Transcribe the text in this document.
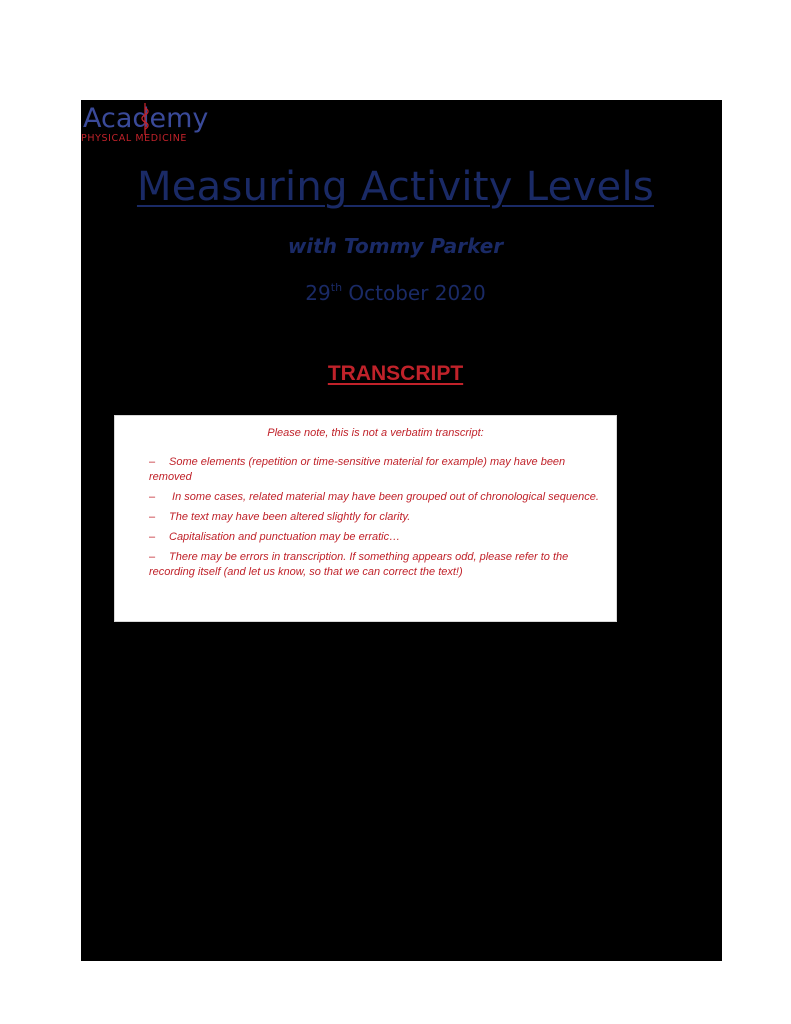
Academy
PHYSICAL MEDICINE
Measuring Activity Levels
with Tommy Parker
29th October 2020
TRANSCRIPT
Please note, this is not a verbatim transcript:
– Some elements (repetition or time-sensitive material for example) may have been removed
– In some cases, related material may have been grouped out of chronological sequence.
– The text may have been altered slightly for clarity.
– Capitalisation and punctuation may be erratic…
– There may be errors in transcription. If something appears odd, please refer to the recording itself (and let us know, so that we can correct the text!)
